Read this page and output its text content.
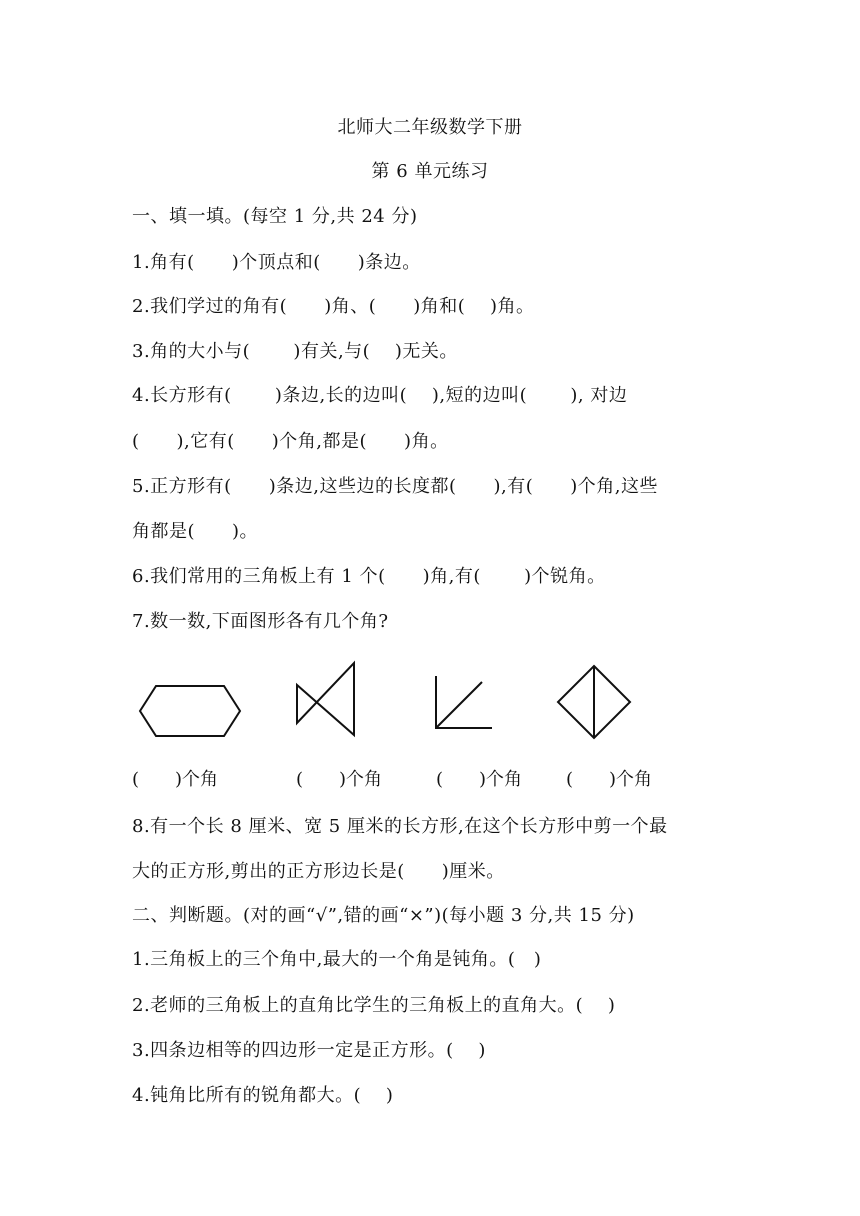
北师大二年级数学下册
第 6 单元练习
一、填一填。(每空 1 分,共 24 分)
1.角有(　　)个顶点和(　　)条边。
2.我们学过的角有(　　)角、(　　)角和(　 )角。
3.角的大小与(　　 )有关,与(　 )无关。
4.长方形有(　　 )条边,长的边叫(　 ),短的边叫(　　 ), 对边
(　　),它有(　　)个角,都是(　　)角。
5.正方形有(　　)条边,这些边的长度都(　　),有(　　)个角,这些
角都是(　　)。
6.我们常用的三角板上有 1 个(　　)角,有(　　 )个锐角。
7.数一数,下面图形各有几个角?
(　　)个角	(　　)个角	(　　)个角 (　　)个角
8.有一个长 8 厘米、宽 5 厘米的长方形,在这个长方形中剪一个最
大的正方形,剪出的正方形边长是(　　)厘米。
二、判断题。(对的画“√”,错的画“×”)(每小题 3 分,共 15 分)
1.三角板上的三个角中,最大的一个角是钝角。(　)
2.老师的三角板上的直角比学生的三角板上的直角大。(　 )
3.四条边相等的四边形一定是正方形。(　 )
4.钝角比所有的锐角都大。(　 )
